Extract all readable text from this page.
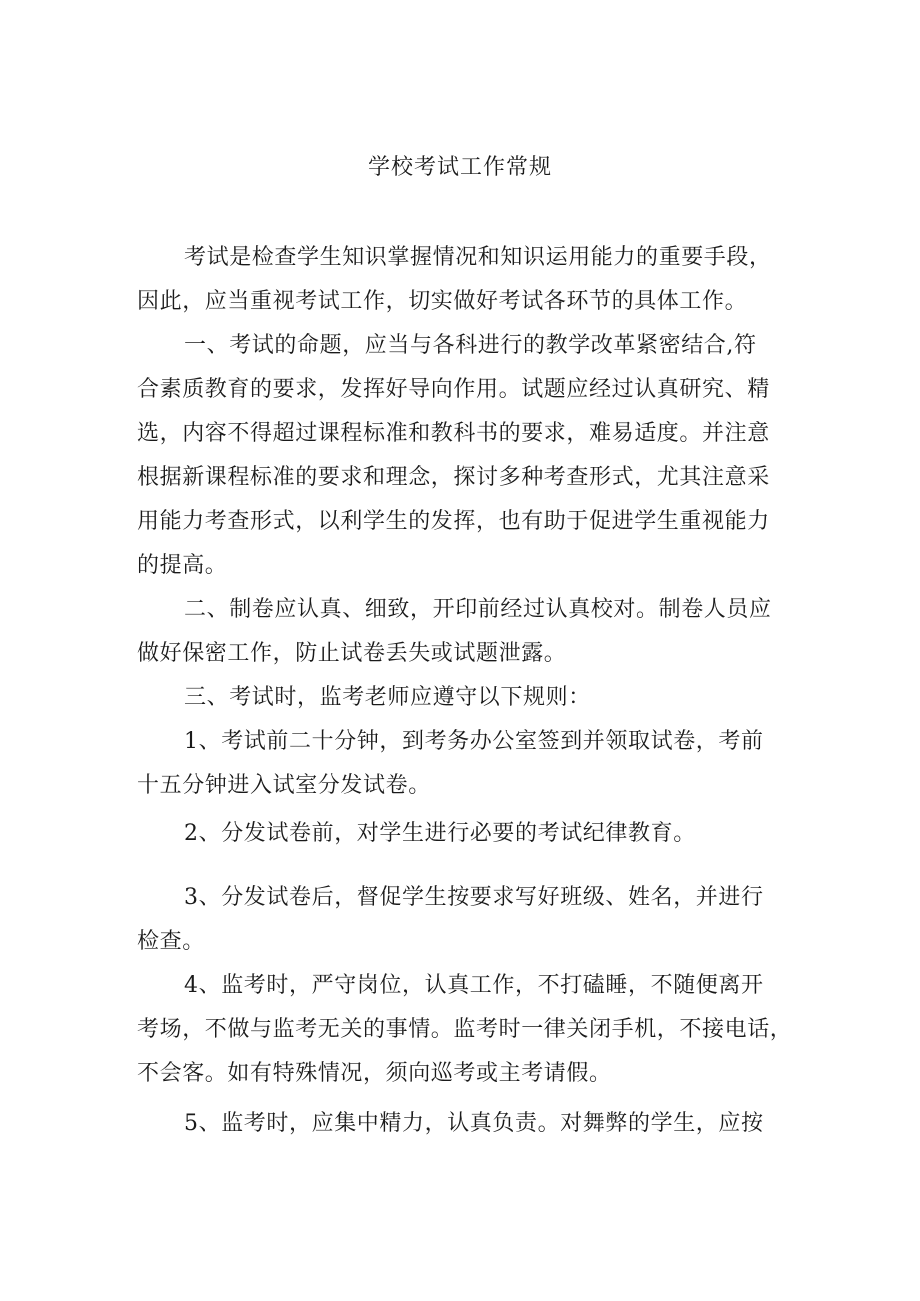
学校考试工作常规
考试是检查学生知识掌握情况和知识运用能力的重要手段，
因此，应当重视考试工作，切实做好考试各环节的具体工作。
一、考试的命题，应当与各科进行的教学改革紧密结合,符
合素质教育的要求，发挥好导向作用。试题应经过认真研究、精
选，内容不得超过课程标准和教科书的要求，难易适度。并注意
根据新课程标准的要求和理念，探讨多种考查形式，尤其注意采
用能力考查形式，以利学生的发挥，也有助于促进学生重视能力
的提高。
二、制卷应认真、细致，开印前经过认真校对。制卷人员应
做好保密工作，防止试卷丢失或试题泄露。
三、考试时，监考老师应遵守以下规则：
1、考试前二十分钟，到考务办公室签到并领取试卷，考前
十五分钟进入试室分发试卷。
2、分发试卷前，对学生进行必要的考试纪律教育。
3、分发试卷后，督促学生按要求写好班级、姓名，并进行
检查。
4、监考时，严守岗位，认真工作，不打磕睡，不随便离开
考场，不做与监考无关的事情。监考时一律关闭手机，不接电话，
不会客。如有特殊情况，须向巡考或主考请假。
5、监考时，应集中精力，认真负责。对舞弊的学生，应按
